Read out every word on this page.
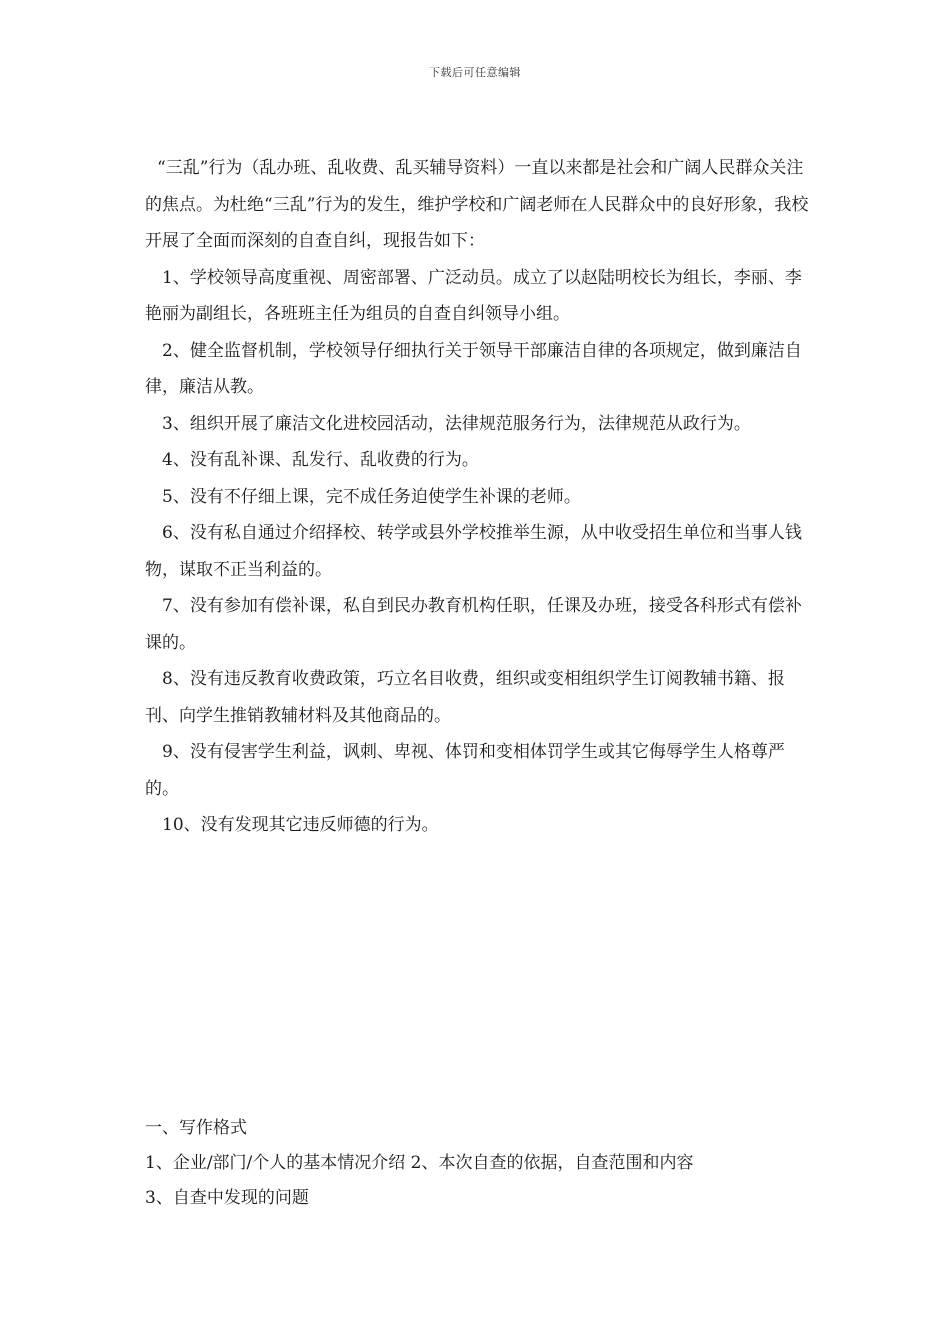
下载后可任意编辑

“三乱”行为（乱办班、乱收费、乱买辅导资料）一直以来都是社会和广阔人民群众关注的焦点。为杜绝“三乱”行为的发生，维护学校和广阔老师在人民群众中的良好形象，我校开展了全面而深刻的自查自纠，现报告如下：

1、学校领导高度重视、周密部署、广泛动员。成立了以赵陆明校长为组长，李丽、李艳丽为副组长，各班班主任为组员的自查自纠领导小组。

2、健全监督机制，学校领导仔细执行关于领导干部廉洁自律的各项规定，做到廉洁自律，廉洁从教。

3、组织开展了廉洁文化进校园活动，法律规范服务行为，法律规范从政行为。

4、没有乱补课、乱发行、乱收费的行为。

5、没有不仔细上课，完不成任务迫使学生补课的老师。

6、没有私自通过介绍择校、转学或县外学校推举生源，从中收受招生单位和当事人钱物，谋取不正当利益的。

7、没有参加有偿补课，私自到民办教育机构任职，任课及办班，接受各科形式有偿补课的。

8、没有违反教育收费政策，巧立名目收费，组织或变相组织学生订阅教辅书籍、报刊、向学生推销教辅材料及其他商品的。

9、没有侵害学生利益，讽刺、卑视、体罚和变相体罚学生或其它侮辱学生人格尊严的。

10、没有发现其它违反师德的行为。

一、写作格式

1、企业/部门/个人的基本情况介绍 2、本次自查的依据，自查范围和内容

3、自查中发现的问题
